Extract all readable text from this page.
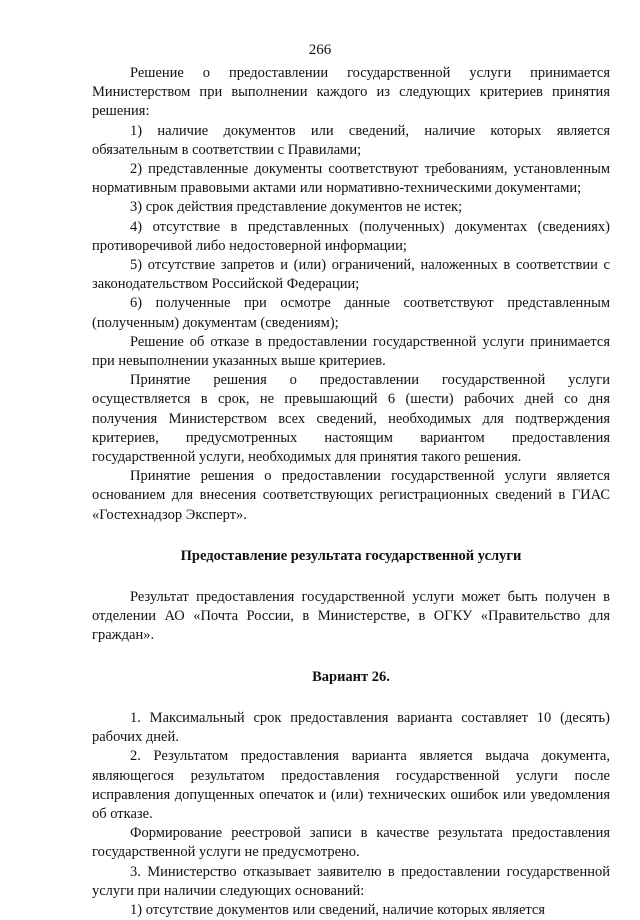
266

Решение о предоставлении государственной услуги принимается Министерством при выполнении каждого из следующих критериев принятия решения:

1) наличие документов или сведений, наличие которых является обязательным в соответствии с Правилами;

2) представленные документы соответствуют требованиям, установленным нормативным правовыми актами или нормативно-техническими документами;

3) срок действия представление документов не истек;

4) отсутствие в представленных (полученных) документах (сведениях) противоречивой либо недостоверной информации;

5) отсутствие запретов и (или) ограничений, наложенных в соответствии с законодательством Российской Федерации;

6) полученные при осмотре данные соответствуют представленным (полученным) документам (сведениям);

Решение об отказе в предоставлении государственной услуги принимается при невыполнении указанных выше критериев.

Принятие решения о предоставлении государственной услуги осуществляется в срок, не превышающий 6 (шести) рабочих дней со дня получения Министерством всех сведений, необходимых для подтверждения критериев, предусмотренных настоящим вариантом предоставления государственной услуги, необходимых для принятия такого решения.

Принятие решения о предоставлении государственной услуги является основанием для внесения соответствующих регистрационных сведений в ГИАС «Гостехнадзор Эксперт».

Предоставление результата государственной услуги

Результат предоставления государственной услуги может быть получен в отделении АО «Почта России, в Министерстве, в ОГКУ «Правительство для граждан».

Вариант 26.

1. Максимальный срок предоставления варианта составляет 10 (десять) рабочих дней.

2. Результатом предоставления варианта является выдача документа, являющегося результатом предоставления государственной услуги после исправления допущенных опечаток и (или) технических ошибок или уведомления об отказе.

Формирование реестровой записи в качестве результата предоставления государственной услуги не предусмотрено.

3. Министерство отказывает заявителю в предоставлении государственной услуги при наличии следующих оснований:

1) отсутствие документов или сведений, наличие которых является
